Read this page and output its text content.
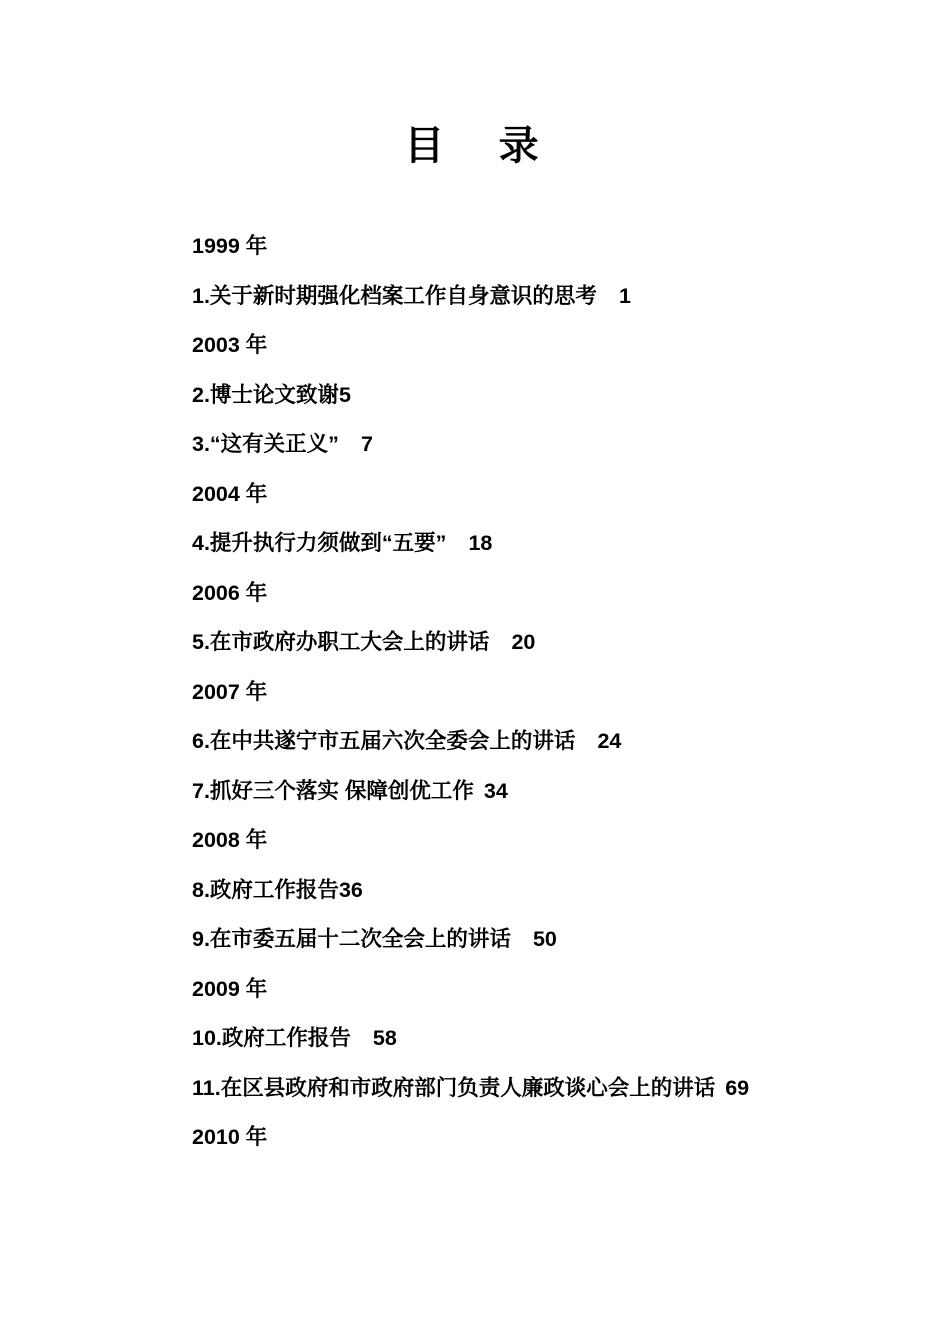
目　录
1999 年
1.关于新时期强化档案工作自身意识的思考 1
2003 年
2.博士论文致谢5
3.“这有关正义” 7
2004 年
4.提升执行力须做到“五要” 18
2006 年
5.在市政府办职工大会上的讲话 20
2007 年
6.在中共遂宁市五届六次全委会上的讲话 24
7.抓好三个落实 保障创优工作 34
2008 年
8.政府工作报告36
9.在市委五届十二次全会上的讲话 50
2009 年
10.政府工作报告 58
11.在区县政府和市政府部门负责人廉政谈心会上的讲话 69
2010 年
